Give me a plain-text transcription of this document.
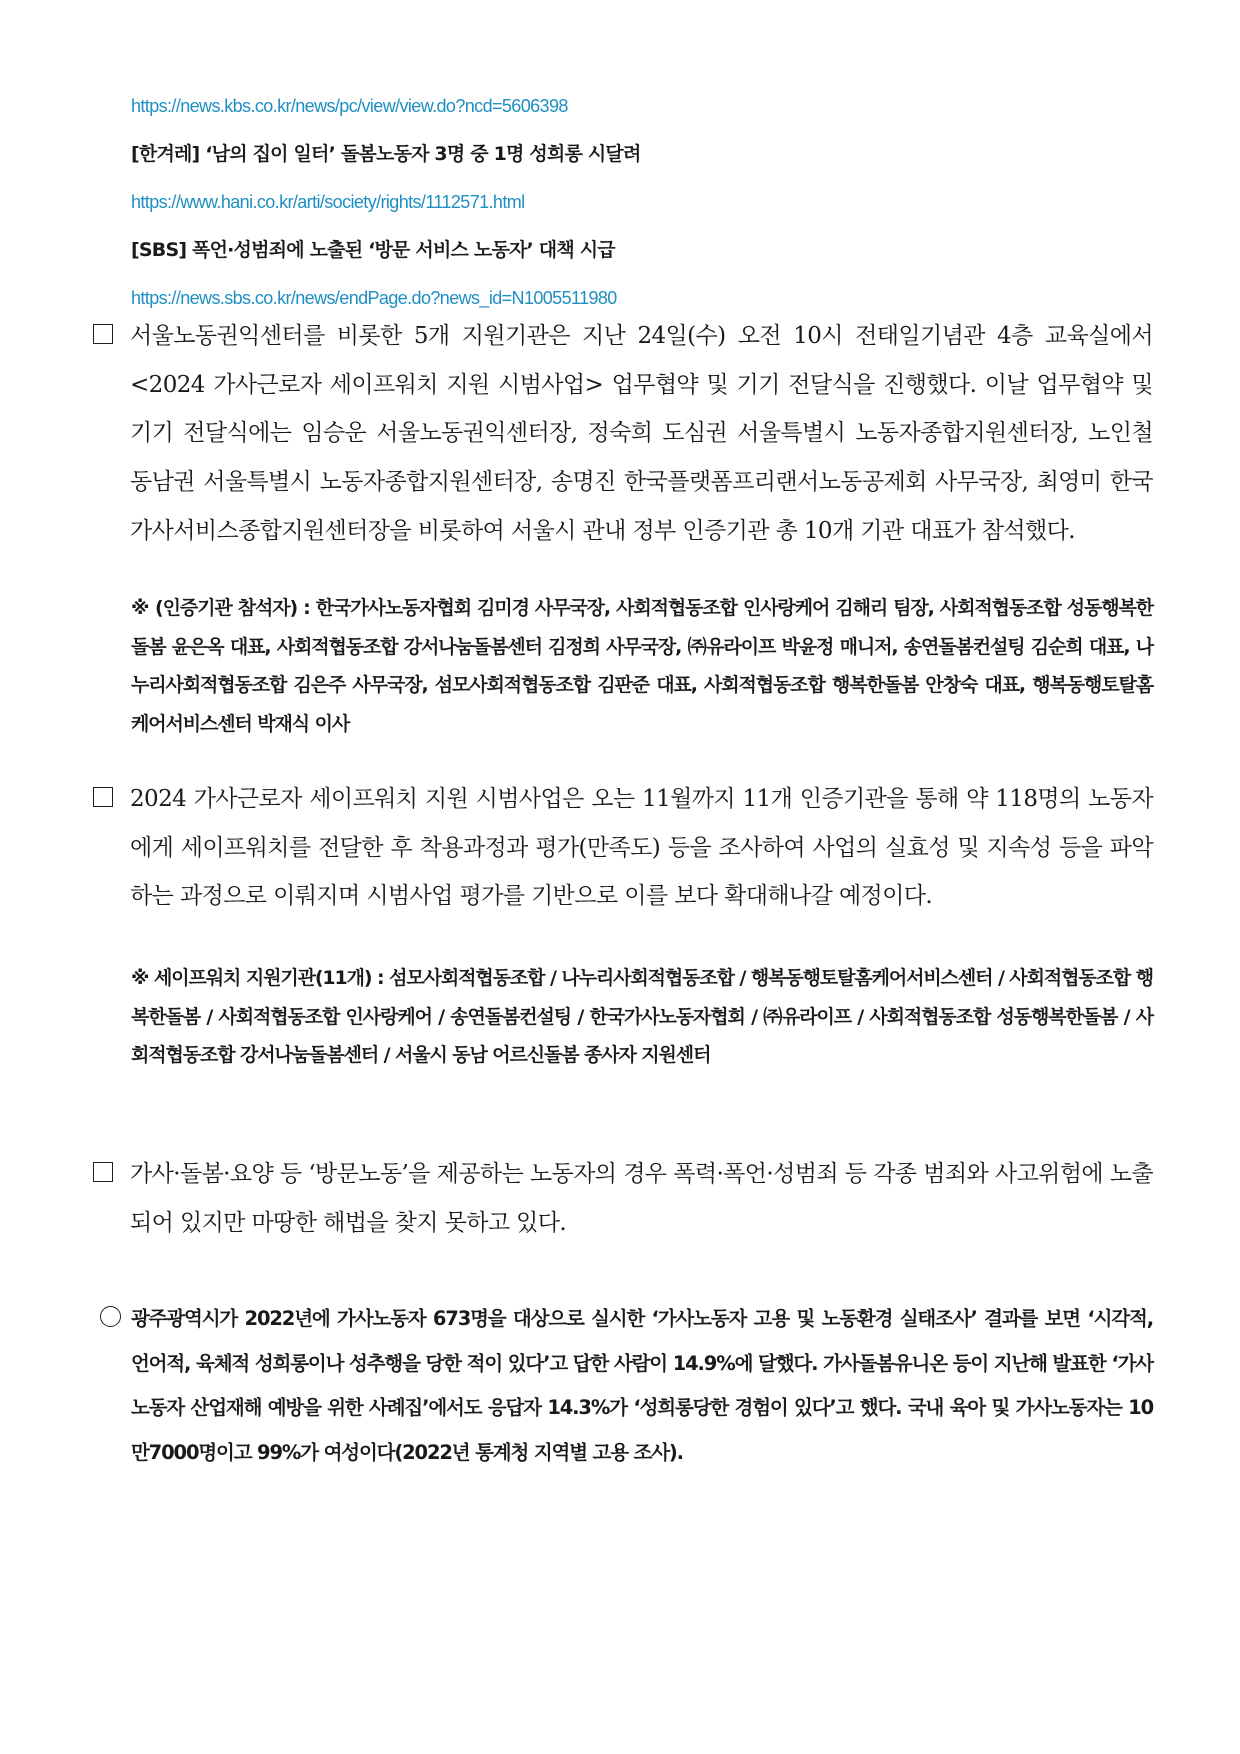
https://news.kbs.co.kr/news/pc/view/view.do?ncd=5606398
[한겨레] ‘남의 집이 일터’ 돌봄노동자 3명 중 1명 성희롱 시달려
https://www.hani.co.kr/arti/society/rights/1112571.html
[SBS] 폭언·성범죄에 노출된 ‘방문 서비스 노동자’ 대책 시급
https://news.sbs.co.kr/news/endPage.do?news_id=N1005511980
서울노동권익센터를 비롯한 5개 지원기관은 지난 24일(수) 오전 10시 전태일기념관 4층 교육실에서 <2024 가사근로자 세이프워치 지원 시범사업> 업무협약 및 기기 전달식을 진행했다. 이날 업무협약 및 기기 전달식에는 임승운 서울노동권익센터장, 정숙희 도심권 서울특별시 노동자종합지원센터장, 노인철 동남권 서울특별시 노동자종합지원센터장, 송명진 한국플랫폼프리랜서노동공제회 사무국장, 최영미 한국가사서비스종합지원센터장을 비롯하여 서울시 관내 정부 인증기관 총 10개 기관 대표가 참석했다.
※ (인증기관 참석자) : 한국가사노동자협회 김미경 사무국장, 사회적협동조합 인사랑케어 김해리 팀장, 사회적협동조합 성동행복한돌봄 윤은옥 대표, 사회적협동조합 강서나눔돌봄센터 김정희 사무국장, ㈜유라이프 박윤정 매니저, 송연돌봄컨설팅 김순희 대표, 나누리사회적협동조합 김은주 사무국장, 섬모사회적협동조합 김판준 대표, 사회적협동조합 행복한돌봄 안창숙 대표, 행복동행토탈홈케어서비스센터 박재식 이사
2024 가사근로자 세이프워치 지원 시범사업은 오는 11월까지 11개 인증기관을 통해 약 118명의 노동자에게 세이프워치를 전달한 후 착용과정과 평가(만족도) 등을 조사하여 사업의 실효성 및 지속성 등을 파악하는 과정으로 이뤄지며 시범사업 평가를 기반으로 이를 보다 확대해나갈 예정이다.
※ 세이프워치 지원기관(11개) : 섬모사회적협동조합 / 나누리사회적협동조합 / 행복동행토탈홈케어서비스센터 / 사회적협동조합 행복한돌봄 / 사회적협동조합 인사랑케어 / 송연돌봄컨설팅 / 한국가사노동자협회 / ㈜유라이프 / 사회적협동조합 성동행복한돌봄 / 사회적협동조합 강서나눔돌봄센터 / 서울시 동남 어르신돌봄 종사자 지원센터
가사·돌봄·요양 등 ‘방문노동’을 제공하는 노동자의 경우 폭력·폭언·성범죄 등 각종 범죄와 사고위험에 노출되어 있지만 마땅한 해법을 찾지 못하고 있다.
광주광역시가 2022년에 가사노동자 673명을 대상으로 실시한 ‘가사노동자 고용 및 노동환경 실태조사’ 결과를 보면 ‘시각적, 언어적, 육체적 성희롱이나 성추행을 당한 적이 있다’고 답한 사람이 14.9%에 달했다. 가사돌봄유니온 등이 지난해 발표한 ‘가사노동자 산업재해 예방을 위한 사례집’에서도 응답자 14.3%가 ‘성희롱당한 경험이 있다’고 했다. 국내 육아 및 가사노동자는 10만7000명이고 99%가 여성이다(2022년 통계청 지역별 고용 조사).
